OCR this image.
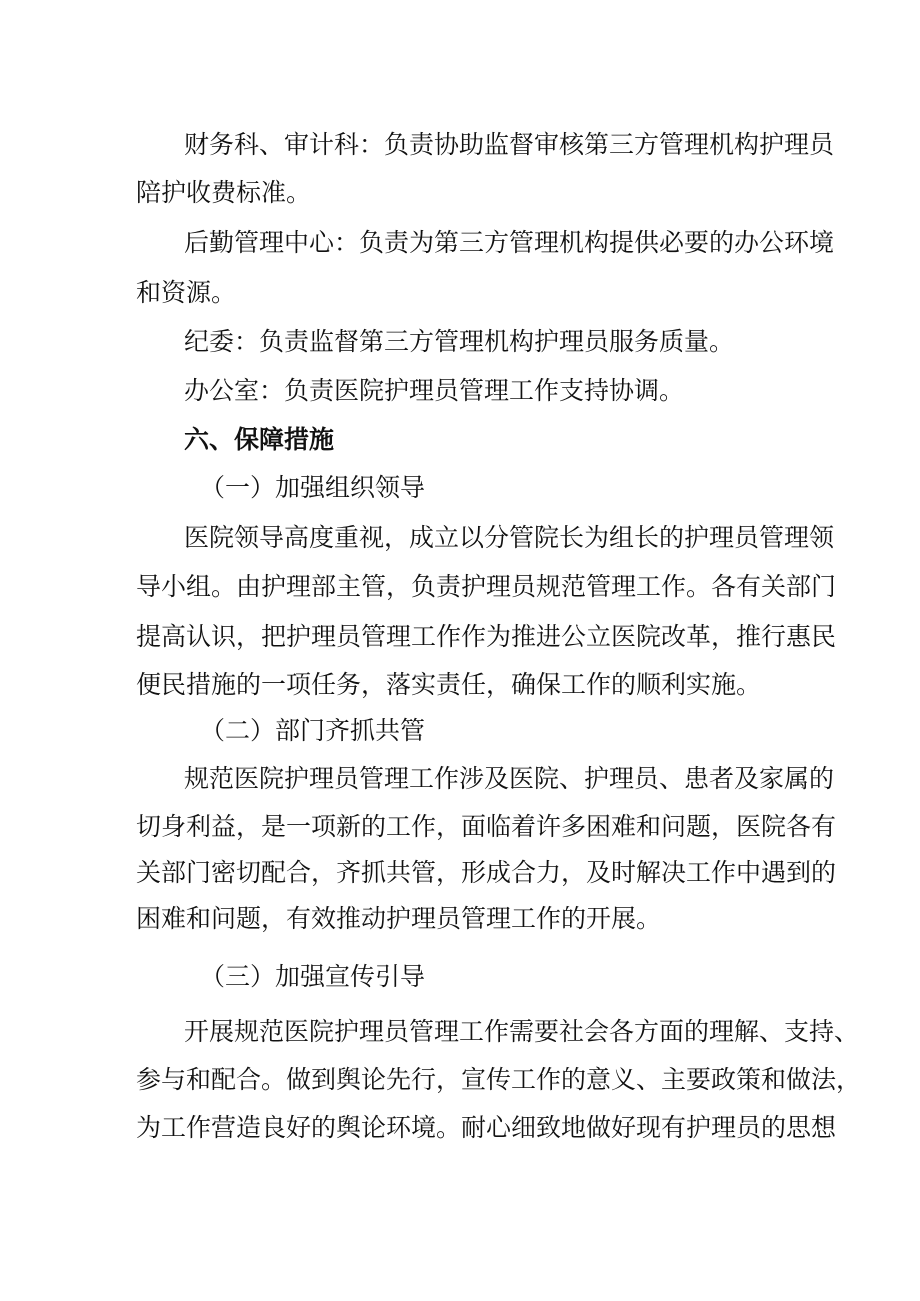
财务科、审计科：负责协助监督审核第三方管理机构护理员

陪护收费标准。

后勤管理中心：负责为第三方管理机构提供必要的办公环境

和资源。

纪委：负责监督第三方管理机构护理员服务质量。

办公室：负责医院护理员管理工作支持协调。

六、保障措施

（一）加强组织领导

医院领导高度重视，成立以分管院长为组长的护理员管理领

导小组。由护理部主管，负责护理员规范管理工作。各有关部门

提高认识，把护理员管理工作作为推进公立医院改革，推行惠民

便民措施的一项任务，落实责任，确保工作的顺利实施。

（二）部门齐抓共管

规范医院护理员管理工作涉及医院、护理员、患者及家属的

切身利益，是一项新的工作，面临着许多困难和问题，医院各有

关部门密切配合，齐抓共管，形成合力，及时解决工作中遇到的

困难和问题，有效推动护理员管理工作的开展。

（三）加强宣传引导

开展规范医院护理员管理工作需要社会各方面的理解、支持、

参与和配合。做到舆论先行，宣传工作的意义、主要政策和做法，

为工作营造良好的舆论环境。耐心细致地做好现有护理员的思想
